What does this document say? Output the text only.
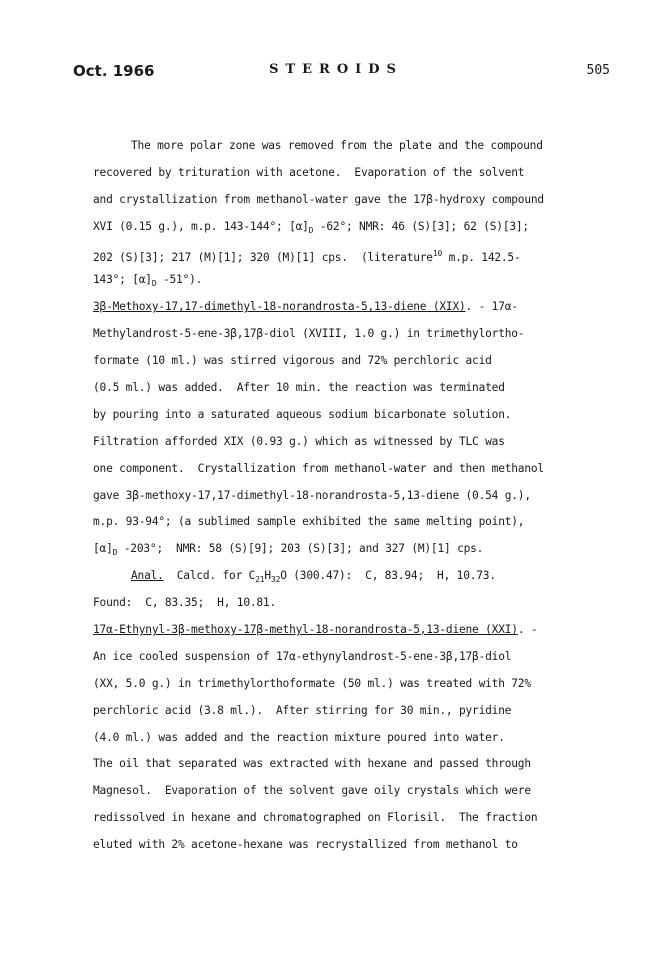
Oct. 1966	STEROIDS	505
The more polar zone was removed from the plate and the compound
recovered by trituration with acetone.  Evaporation of the solvent
and crystallization from methanol-water gave the 17β-hydroxy compound
XVI (0.15 g.), m.p. 143-144°; $[\alpha]_D$ -62°; NMR: 46 (S)[3]; 62 (S)[3];
202 (S)[3]; 217 (M)[1]; 320 (M)[1] cps.  (literature$^{10}$ m.p. 142.5-
143°; $[\alpha]_D$ -51°).
3β-Methoxy-17,17-dimethyl-18-norandrosta-5,13-diene (XIX). - 17α-
Methylandrost-5-ene-3β,17β-diol (XVIII, 1.0 g.) in trimethylortho-
formate (10 ml.) was stirred vigorous and 72% perchloric acid
(0.5 ml.) was added.  After 10 min. the reaction was terminated
by pouring into a saturated aqueous sodium bicarbonate solution.
Filtration afforded XIX (0.93 g.) which as witnessed by TLC was
one component.  Crystallization from methanol-water and then methanol
gave 3β-methoxy-17,17-dimethyl-18-norandrosta-5,13-diene (0.54 g.),
m.p. 93-94°; (a sublimed sample exhibited the same melting point),
$[\alpha]_D$ -203°;  NMR: 58 (S)[9]; 203 (S)[3]; and 327 (M)[1] cps.
Anal.  Calcd. for $C_{21}H_{32}O$ (300.47):  C, 83.94;  H, 10.73.
Found:  C, 83.35;  H, 10.81.
17α-Ethynyl-3β-methoxy-17β-methyl-18-norandrosta-5,13-diene (XXI). -
An ice cooled suspension of 17α-ethynylandrost-5-ene-3β,17β-diol
(XX, 5.0 g.) in trimethylorthoformate (50 ml.) was treated with 72%
perchloric acid (3.8 ml.).  After stirring for 30 min., pyridine
(4.0 ml.) was added and the reaction mixture poured into water.
The oil that separated was extracted with hexane and passed through
Magnesol.  Evaporation of the solvent gave oily crystals which were
redissolved in hexane and chromatographed on Florisil.  The fraction
eluted with 2% acetone-hexane was recrystallized from methanol to
